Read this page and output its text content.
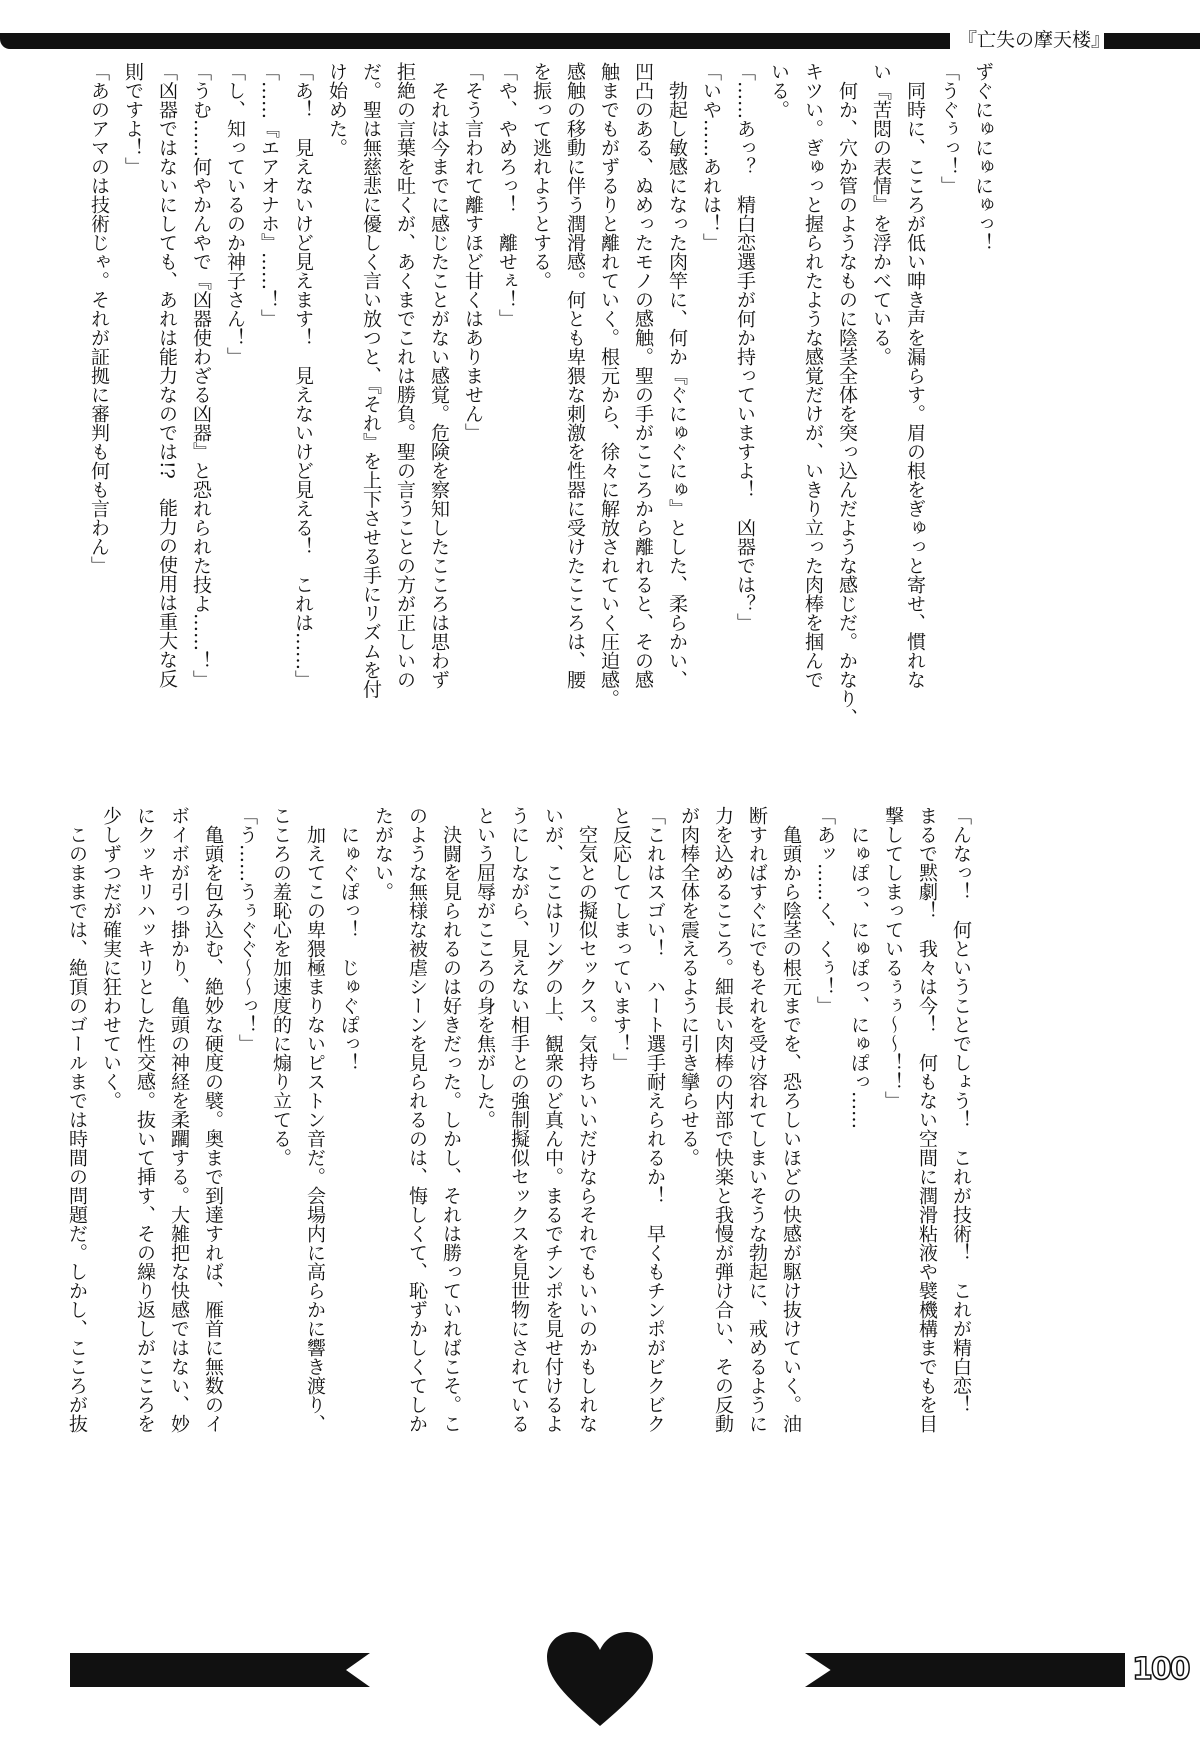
『亡失の摩天楼』
ずぐにゅにゅにゅっ！
「うぐぅっ！」
　同時に、こころが低い呻き声を漏らす。眉の根をぎゅっと寄せ、慣れな
い『苦悶の表情』を浮かべている。
　何か、穴か管のようなものに陰茎全体を突っ込んだような感じだ。かなり、
キツい。ぎゅっと握られたような感覚だけが、いきり立った肉棒を掴んで
いる。
「……あっ？　精白恋選手が何か持っていますよ！　凶器では？」
「いや……あれは！」
　勃起し敏感になった肉竿に、何か『ぐにゅぐにゅ』とした、柔らかい、
凹凸のある、ぬめったモノの感触。聖の手がこころから離れると、その感
触までもがずるりと離れていく。根元から、徐々に解放されていく圧迫感。
感触の移動に伴う潤滑感。何とも卑猥な刺激を性器に受けたこころは、腰
を振って逃れようとする。
「や、やめろっ！　離せぇ！」
「そう言われて離すほど甘くはありません」
　それは今までに感じたことがない感覚。危険を察知したこころは思わず
拒絶の言葉を吐くが、あくまでこれは勝負。聖の言うことの方が正しいの
だ。聖は無慈悲に優しく言い放つと、『それ』を上下させる手にリズムを付
け始めた。
「あ！　見えないけど見えます！　見えないけど見える！　これは……」
「……『エアオナホ』……！」
「し、知っているのか神子さん！」
「うむ……何やかんやで『凶器使わざる凶器』と恐れられた技よ……！」
「凶器ではないにしても、あれは能力なのでは!?　能力の使用は重大な反
則ですよ！」
「あのアマのは技術じゃ。それが証拠に審判も何も言わん」
「んなっ！　何ということでしょう！　これが技術！　これが精白恋！
まるで黙劇！　我々は今！　何もない空間に潤滑粘液や襞機構までもを目
撃してしまっているぅぅ～～！！」
　にゅぽっ、にゅぽっ、にゅぽっ……
「あッ……く、くぅ！」
　亀頭から陰茎の根元までを、恐ろしいほどの快感が駆け抜けていく。油
断すればすぐにでもそれを受け容れてしまいそうな勃起に、戒めるように
力を込めるこころ。細長い肉棒の内部で快楽と我慢が弾け合い、その反動
が肉棒全体を震えるように引き攣らせる。
「これはスゴい！　ハート選手耐えられるか！　早くもチンポがビクビク
と反応してしまっています！」
　空気との擬似セックス。気持ちいいだけならそれでもいいのかもしれな
いが、ここはリングの上、観衆のど真ん中。まるでチンポを見せ付けるよ
うにしながら、見えない相手との強制擬似セックスを見世物にされている
という屈辱がこころの身を焦がした。
　決闘を見られるのは好きだった。しかし、それは勝っていればこそ。こ
のような無様な被虐シーンを見られるのは、悔しくて、恥ずかしくてしか
たがない。
　にゅぐぽっ！　じゅぐぽっ！
　加えてこの卑猥極まりないピストン音だ。会場内に高らかに響き渡り、
こころの羞恥心を加速度的に煽り立てる。
「う……うぅぐぐ～～っ！」
　亀頭を包み込む、絶妙な硬度の襞。奥まで到達すれば、雁首に無数のイ
ボイボが引っ掛かり、亀頭の神経を柔躙する。大雑把な快感ではない、妙
にクッキリハッキリとした性交感。抜いて挿す、その繰り返しがこころを
少しずつだが確実に狂わせていく。
　このままでは、絶頂のゴールまでは時間の問題だ。しかし、こころが抜
100
